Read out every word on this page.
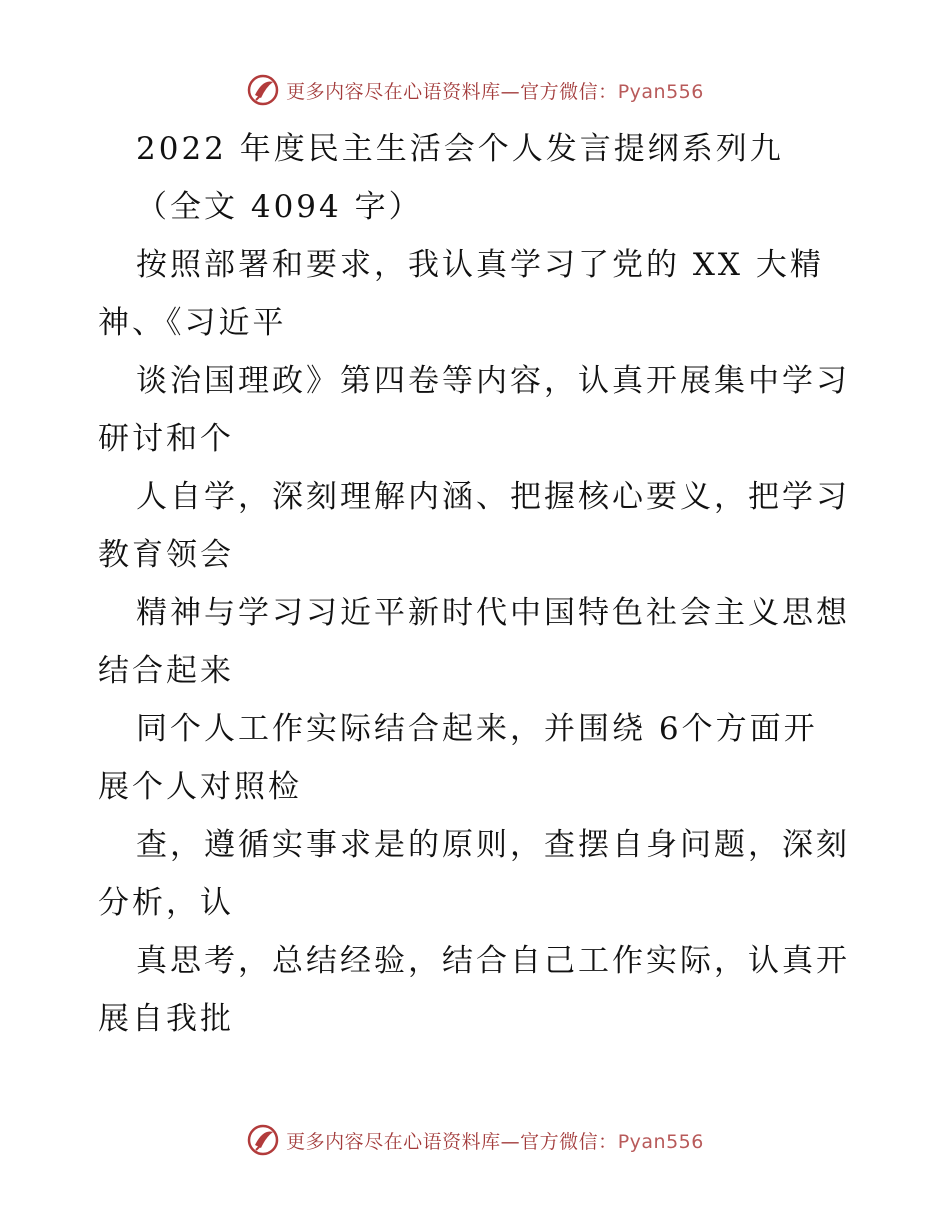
更多内容尽在心语资料库—官方微信：Pyan556
2022 年度民主生活会个人发言提纲系列九
（全文 4094 字）
按照部署和要求，我认真学习了党的 XX 大精
神、《习近平
谈治国理政》第四卷等内容，认真开展集中学习
研讨和个
人自学，深刻理解内涵、把握核心要义，把学习
教育领会
精神与学习习近平新时代中国特色社会主义思想
结合起来
同个人工作实际结合起来，并围绕 6个方面开
展个人对照检
查，遵循实事求是的原则，查摆自身问题，深刻
分析，认
真思考，总结经验，结合自己工作实际，认真开
展自我批
更多内容尽在心语资料库—官方微信：Pyan556
